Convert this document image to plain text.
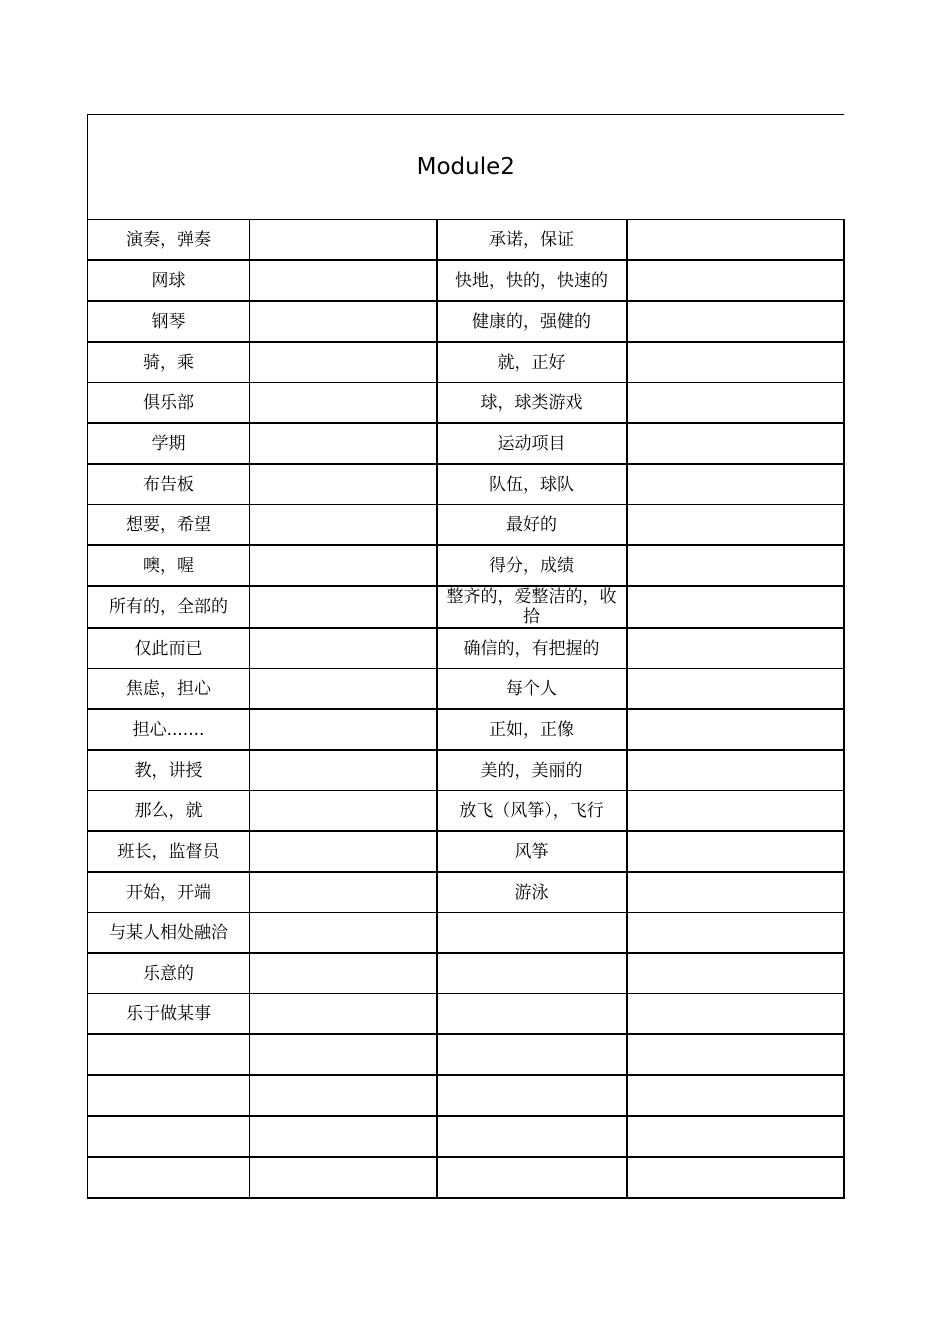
Module2			

演奏，弹奏		承诺，保证	

网球		快地，快的，快速的	

钢琴		健康的，强健的	

骑，乘		就，正好	

俱乐部		球，球类游戏	

学期		运动项目	

布告板		队伍，球队	

想要，希望		最好的	

噢，喔		得分，成绩	

所有的，全部的		整齐的，爱整洁的，收拾	

仅此而已		确信的，有把握的	

焦虑，担心		每个人	

担心.......		正如，正像	

教，讲授		美的，美丽的	

那么，就		放飞（风筝），飞行	

班长，监督员		风筝	

开始，开端		游泳	

与某人相处融洽			

乐意的			

乐于做某事			
